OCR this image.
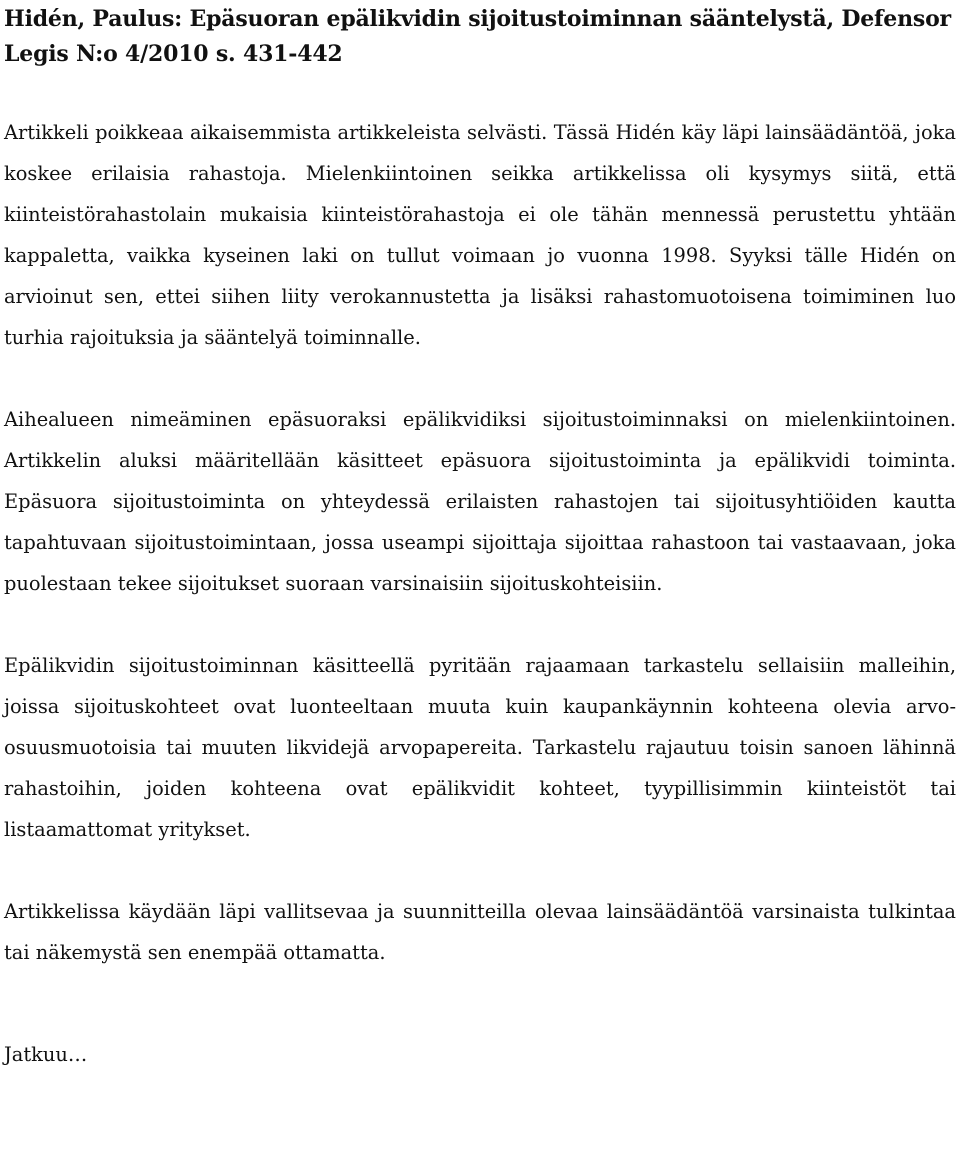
Hidén, Paulus: Epäsuoran epälikvidin sijoitustoiminnan sääntelystä, Defensor Legis N:o 4/2010 s. 431-442

Artikkeli poikkeaa aikaisemmista artikkeleista selvästi. Tässä Hidén käy läpi lainsäädäntöä, joka koskee erilaisia rahastoja. Mielenkiintoinen seikka artikkelissa oli kysymys siitä, että kiinteistörahastolain mukaisia kiinteistörahastoja ei ole tähän mennessä perustettu yhtään kappaletta, vaikka kyseinen laki on tullut voimaan jo vuonna 1998. Syyksi tälle Hidén on arvioinut sen, ettei siihen liity verokannustetta ja lisäksi rahastomuotoisena toimiminen luo turhia rajoituksia ja sääntelyä toiminnalle.

Aihealueen nimeäminen epäsuoraksi epälikvidiksi sijoitustoiminnaksi on mielenkiintoinen. Artikkelin aluksi määritellään käsitteet epäsuora sijoitustoiminta ja epälikvidi toiminta. Epäsuora sijoitustoiminta on yhteydessä erilaisten rahastojen tai sijoitusyhtiöiden kautta tapahtuvaan sijoitustoimintaan, jossa useampi sijoittaja sijoittaa rahastoon tai vastaavaan, joka puolestaan tekee sijoitukset suoraan varsinaisiin sijoituskohteisiin.

Epälikvidin sijoitustoiminnan käsitteellä pyritään rajaamaan tarkastelu sellaisiin malleihin, joissa sijoituskohteet ovat luonteeltaan muuta kuin kaupankäynnin kohteena olevia arvo-osuusmuotoisia tai muuten likvidejä arvopapereita. Tarkastelu rajautuu toisin sanoen lähinnä rahastoihin, joiden kohteena ovat epälikvidit kohteet, tyypillisimmin kiinteistöt tai listaamattomat yritykset.

Artikkelissa käydään läpi vallitsevaa ja suunnitteilla olevaa lainsäädäntöä varsinaista tulkintaa tai näkemystä sen enempää ottamatta.

Jatkuu…
